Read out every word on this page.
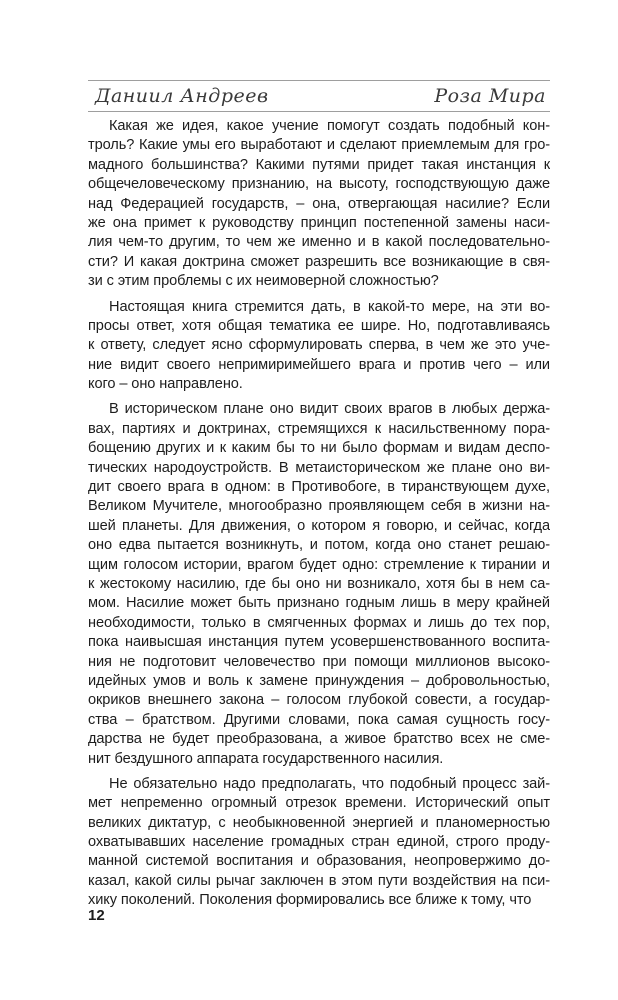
Даниил Андреев	Роза Мира
Какая же идея, какое учение помогут создать подобный кон-
троль? Какие умы его выработают и сделают приемлемым для гро-
мадного большинства? Какими путями придет такая инстанция к
общечеловеческому признанию, на высоту, господствующую даже
над Федерацией государств, – она, отвергающая насилие? Если
же она примет к руководству принцип постепенной замены наси-
лия чем-то другим, то чем же именно и в какой последовательно-
сти? И какая доктрина сможет разрешить все возникающие в свя-
зи с этим проблемы с их неимоверной сложностью?
Настоящая книга стремится дать, в какой-то мере, на эти во-
просы ответ, хотя общая тематика ее шире. Но, подготавливаясь
к ответу, следует ясно сформулировать сперва, в чем же это уче-
ние видит своего непримиримейшего врага и против чего – или
кого – оно направлено.
В историческом плане оно видит своих врагов в любых держа-
вах, партиях и доктринах, стремящихся к насильственному пора-
бощению других и к каким бы то ни было формам и видам деспо-
тических народоустройств. В метаисторическом же плане оно ви-
дит своего врага в одном: в Противобоге, в тиранствующем духе,
Великом Мучителе, многообразно проявляющем себя в жизни на-
шей планеты. Для движения, о котором я говорю, и сейчас, когда
оно едва пытается возникнуть, и потом, когда оно станет решаю-
щим голосом истории, врагом будет одно: стремление к тирании и
к жестокому насилию, где бы оно ни возникало, хотя бы в нем са-
мом. Насилие может быть признано годным лишь в меру крайней
необходимости, только в смягченных формах и лишь до тех пор,
пока наивысшая инстанция путем усовершенствованного воспита-
ния не подготовит человечество при помощи миллионов высоко-
идейных умов и воль к замене принуждения – добровольностью,
окриков внешнего закона – голосом глубокой совести, а государ-
ства – братством. Другими словами, пока самая сущность госу-
дарства не будет преобразована, а живое братство всех не сме-
нит бездушного аппарата государственного насилия.
Не обязательно надо предполагать, что подобный процесс зай-
мет непременно огромный отрезок времени. Исторический опыт
великих диктатур, с необыкновенной энергией и планомерностью
охватывавших население громадных стран единой, строго проду-
манной системой воспитания и образования, неопровержимо до-
казал, какой силы рычаг заключен в этом пути воздействия на пси-
хику поколений. Поколения формировались все ближе к тому, что
12
